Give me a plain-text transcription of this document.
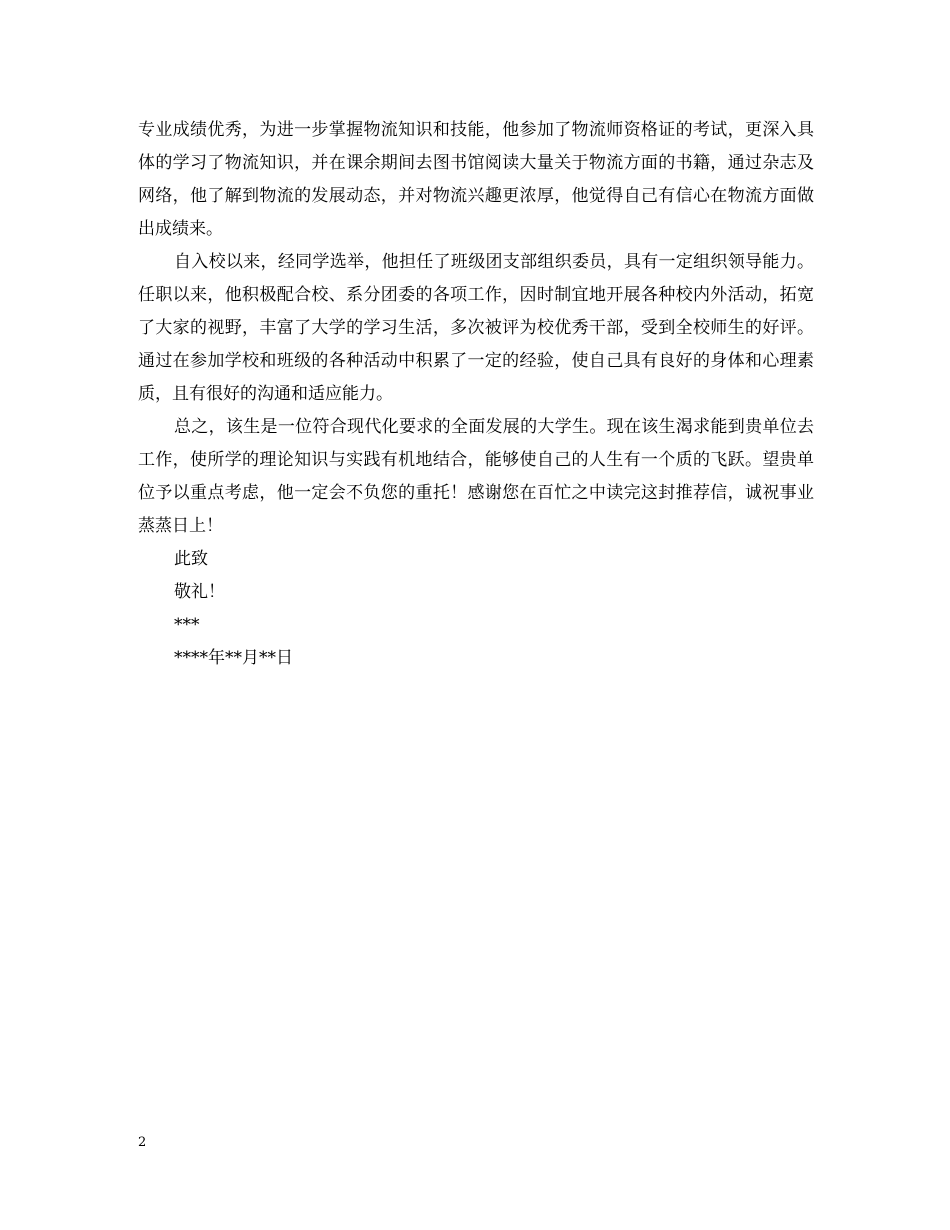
专业成绩优秀，为进一步掌握物流知识和技能，他参加了物流师资格证的考试，更深入具体的学习了物流知识，并在课余期间去图书馆阅读大量关于物流方面的书籍，通过杂志及网络，他了解到物流的发展动态，并对物流兴趣更浓厚，他觉得自己有信心在物流方面做出成绩来。

自入校以来，经同学选举，他担任了班级团支部组织委员，具有一定组织领导能力。任职以来，他积极配合校、系分团委的各项工作，因时制宜地开展各种校内外活动，拓宽了大家的视野，丰富了大学的学习生活，多次被评为校优秀干部，受到全校师生的好评。通过在参加学校和班级的各种活动中积累了一定的经验，使自己具有良好的身体和心理素质，且有很好的沟通和适应能力。

总之，该生是一位符合现代化要求的全面发展的大学生。现在该生渴求能到贵单位去工作，使所学的理论知识与实践有机地结合，能够使自己的人生有一个质的飞跃。望贵单位予以重点考虑，他一定会不负您的重托！感谢您在百忙之中读完这封推荐信，诚祝事业蒸蒸日上！

此致

敬礼！

***

****年**月**日

2
